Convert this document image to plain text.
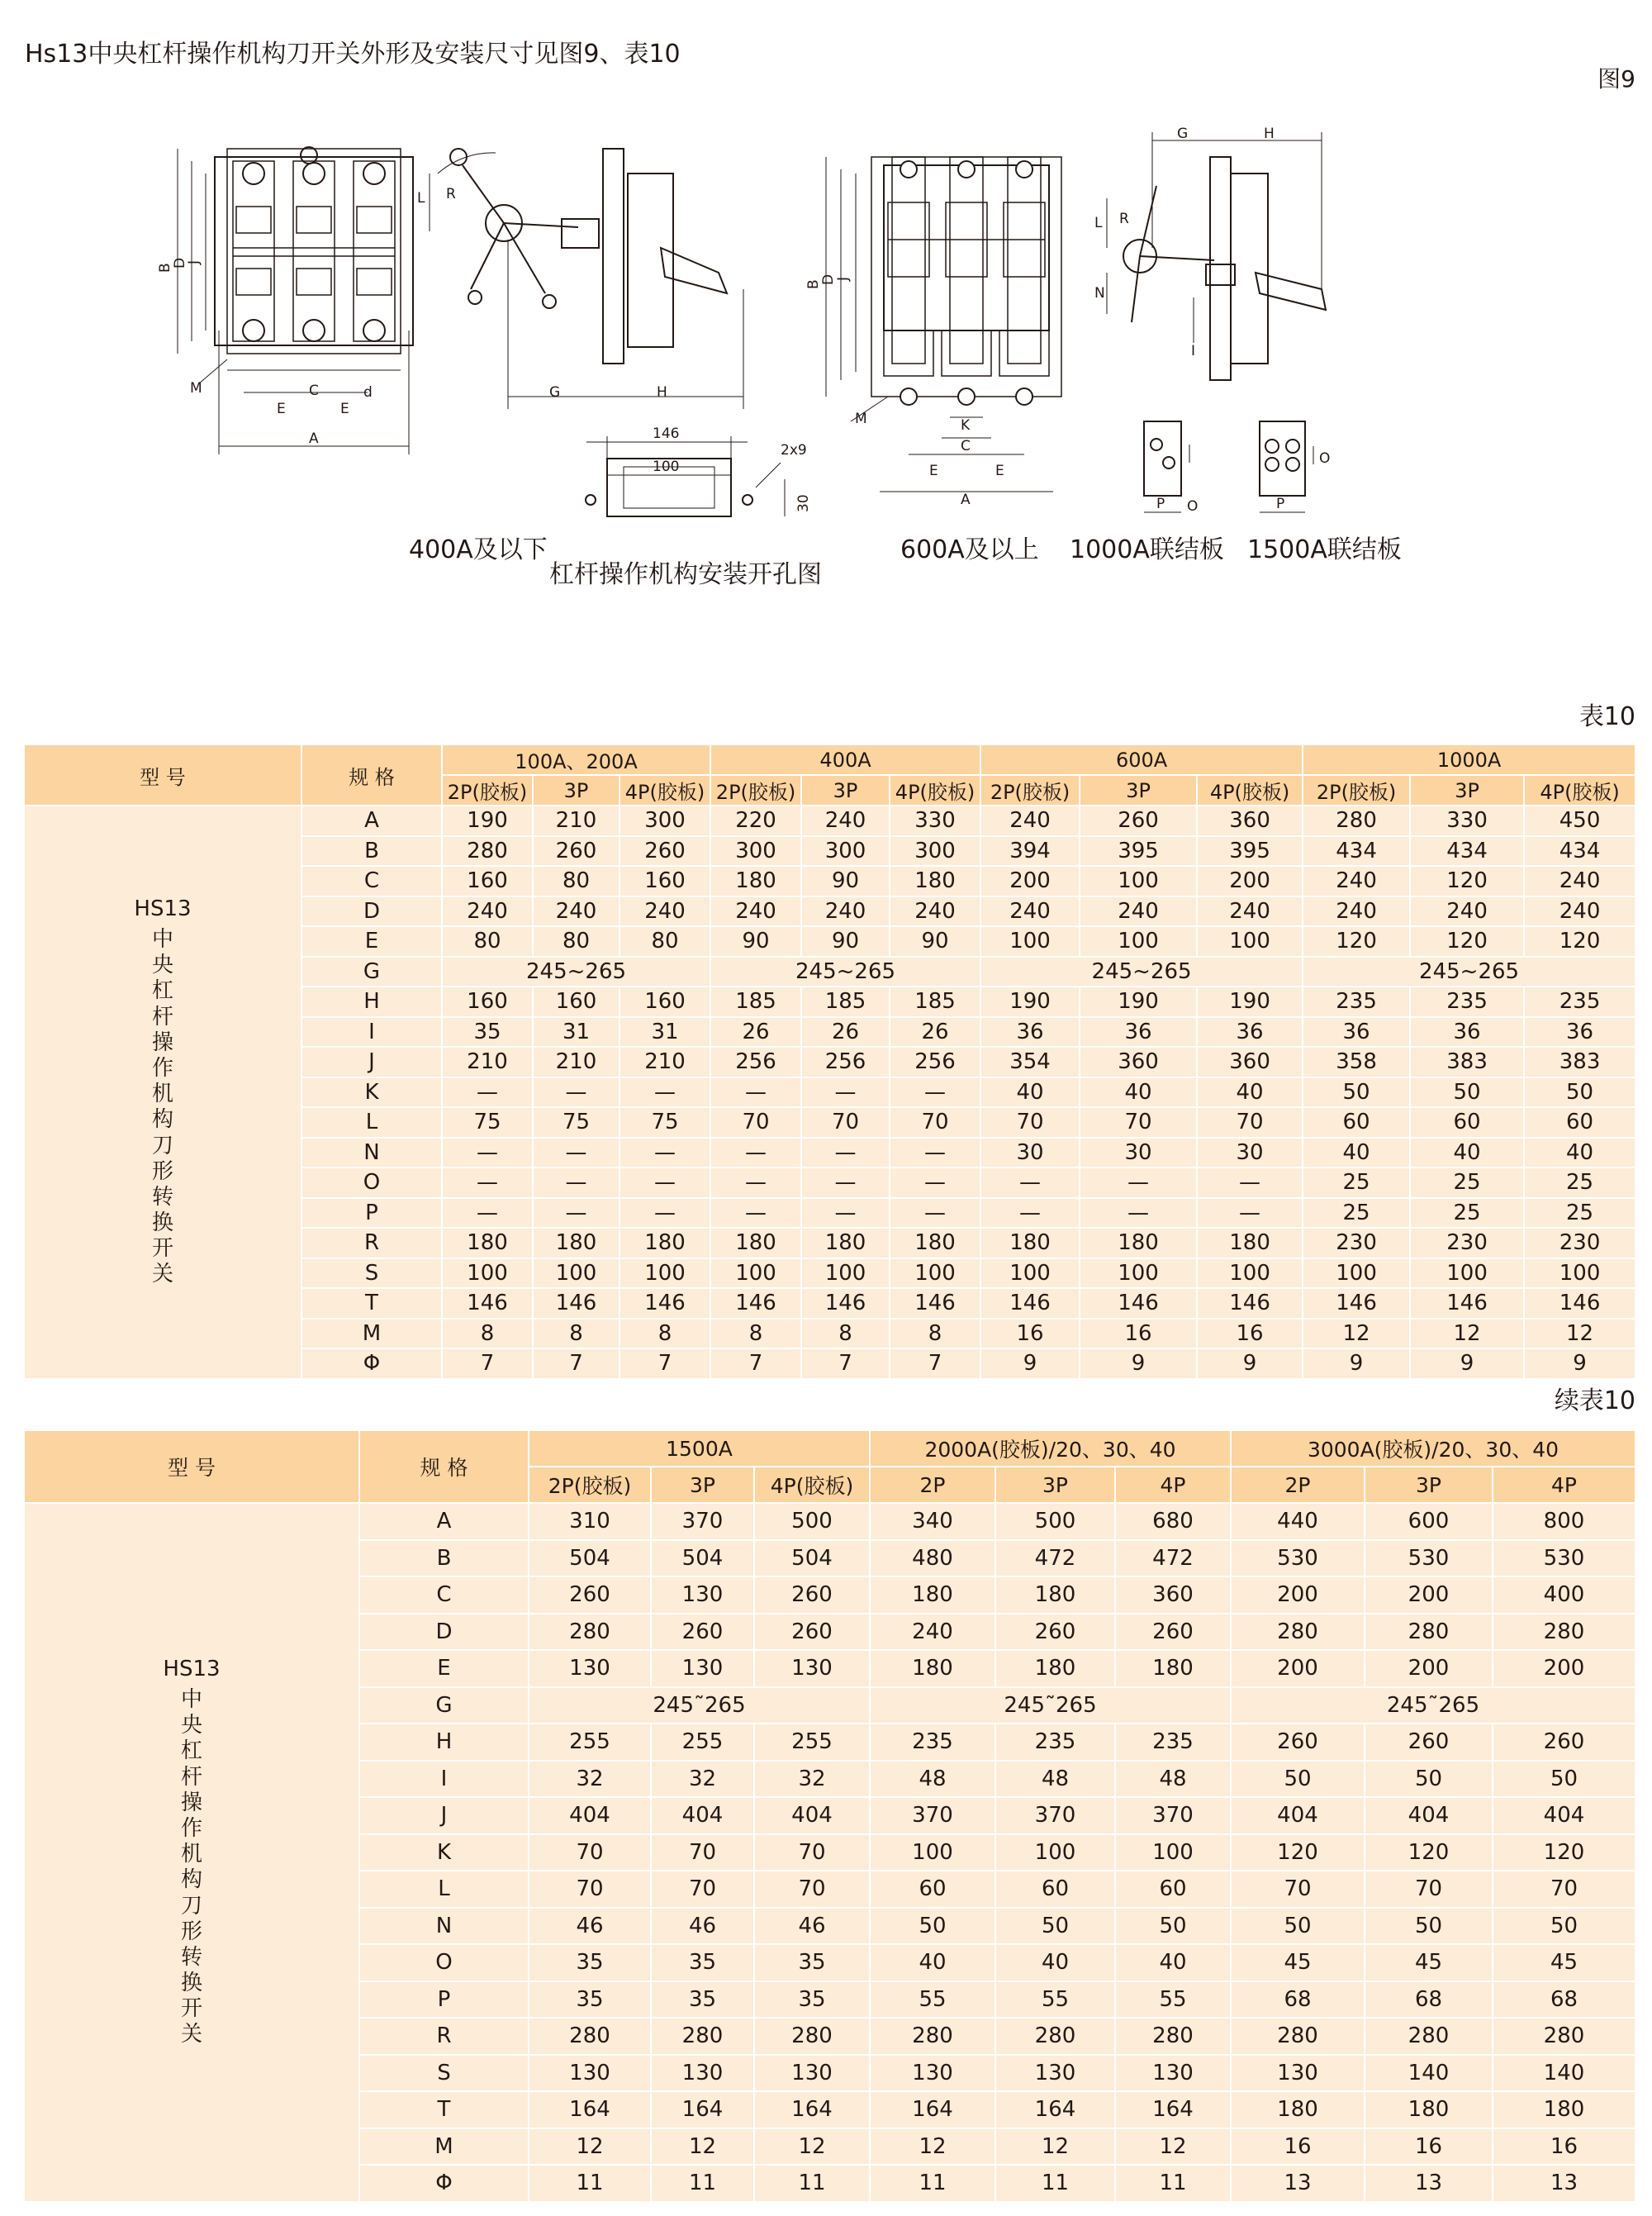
Hs13中央杠杆操作机构刀开关外形及安装尺寸见图9、表10
图9
B
D
J
C	d
E	E
A
M	G	H
L R
146
100
2x9
30
B
D
J
K
C
E	E
A
M
G	H
N
I
L R
O
P
O
P
400A及以下
杠杆操作机构安装开孔图
600A及以上 1000A联结板 1500A联结板
表10
型 号	规 格	100A、200A			400A			600A			1000A		
		2P(胶板)	3P	4P(胶板)	2P(胶板)	3P	4P(胶板)	2P(胶板)	3P	4P(胶板)	2P(胶板)	3P	4P(胶板)

HS13
中央杠杆操作机构刀形转换开关	A	190	210	300	220	240	330	240	260	360	280	330	450
	B	280	260	260	300	300	300	394	395	395	434	434	434
	C	160	80	160	180	90	180	200	100	200	240	120	240
	D	240	240	240	240	240	240	240	240	240	240	240	240
	E	80	80	80	90	90	90	100	100	100	120	120	120
	G	245~265			245~265			245~265			245~265		
	H	160	160	160	185	185	185	190	190	190	235	235	235
	I	35	31	31	26	26	26	36	36	36	36	36	36
	J	210	210	210	256	256	256	354	360	360	358	383	383
	K	—	—	—	—	—	—	40	40	40	50	50	50
	L	75	75	75	70	70	70	70	70	70	60	60	60
	N	—	—	—	—	—	—	30	30	30	40	40	40
	O	—	—	—	—	—	—	—	—	—	25	25	25
	P	—	—	—	—	—	—	—	—	—	25	25	25
	R	180	180	180	180	180	180	180	180	180	230	230	230
	S	100	100	100	100	100	100	100	100	100	100	100	100
	T	146	146	146	146	146	146	146	146	146	146	146	146
	M	8	8	8	8	8	8	16	16	16	12	12	12
	Φ	7	7	7	7	7	7	9	9	9	9	9	9
续表10
型 号	规 格	1500A			2000A(胶板)/20、30、40			3000A(胶板)/20、30、40		
		2P(胶板)	3P	4P(胶板)	2P	3P	4P	2P	3P	4P

HS13
中央杠杆操作机构刀形转换开关	A	310	370	500	340	500	680	440	600	800
	B	504	504	504	480	472	472	530	530	530
	C	260	130	260	180	180	360	200	200	400
	D	280	260	260	240	260	260	280	280	280
	E	130	130	130	180	180	180	200	200	200
	G	245˜265			245˜265			245˜265		
	H	255	255	255	235	235	235	260	260	260
	I	32	32	32	48	48	48	50	50	50
	J	404	404	404	370	370	370	404	404	404
	K	70	70	70	100	100	100	120	120	120
	L	70	70	70	60	60	60	70	70	70
	N	46	46	46	50	50	50	50	50	50
	O	35	35	35	40	40	40	45	45	45
	P	35	35	35	55	55	55	68	68	68
	R	280	280	280	280	280	280	280	280	280
	S	130	130	130	130	130	130	130	140	140
	T	164	164	164	164	164	164	180	180	180
	M	12	12	12	12	12	12	16	16	16
	Φ	11	11	11	11	11	11	13	13	13
